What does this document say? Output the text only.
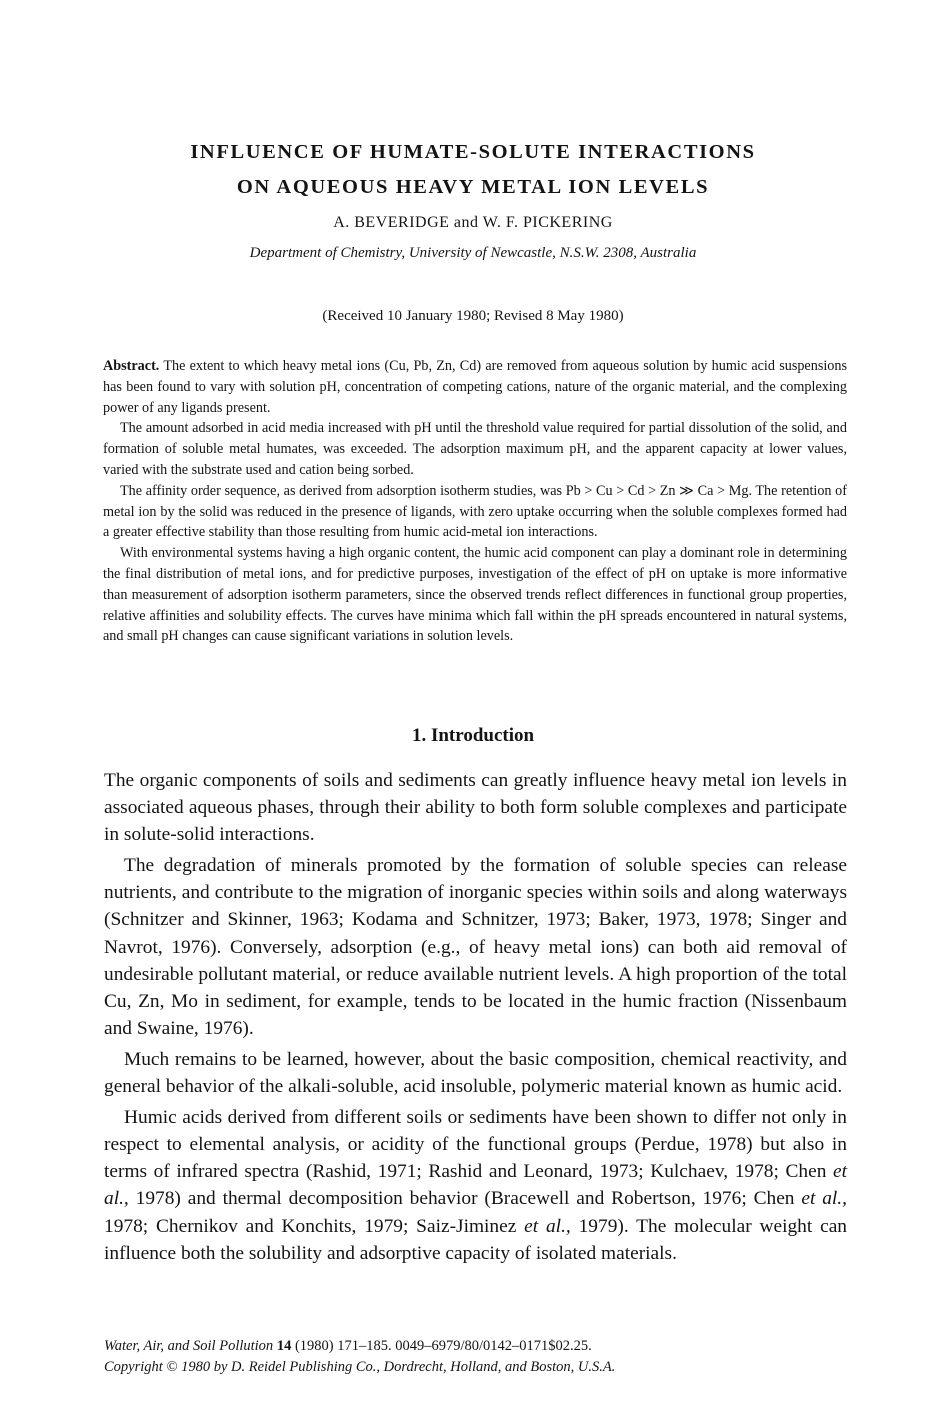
INFLUENCE OF HUMATE-SOLUTE INTERACTIONS
ON AQUEOUS HEAVY METAL ION LEVELS
A. BEVERIDGE and W. F. PICKERING
Department of Chemistry, University of Newcastle, N.S.W. 2308, Australia
(Received 10 January 1980; Revised 8 May 1980)

Abstract. The extent to which heavy metal ions (Cu, Pb, Zn, Cd) are removed from aqueous solution by humic acid suspensions has been found to vary with solution pH, concentration of competing cations, nature of the organic material, and the complexing power of any ligands present.

The amount adsorbed in acid media increased with pH until the threshold value required for partial dissolution of the solid, and formation of soluble metal humates, was exceeded. The adsorption maximum pH, and the apparent capacity at lower values, varied with the substrate used and cation being sorbed.

The affinity order sequence, as derived from adsorption isotherm studies, was Pb > Cu > Cd > Zn ≫ Ca > Mg. The retention of metal ion by the solid was reduced in the presence of ligands, with zero uptake occurring when the soluble complexes formed had a greater effective stability than those resulting from humic acid-metal ion interactions.

With environmental systems having a high organic content, the humic acid component can play a dominant role in determining the final distribution of metal ions, and for predictive purposes, investigation of the effect of pH on uptake is more informative than measurement of adsorption isotherm parameters, since the observed trends reflect differences in functional group properties, relative affinities and solubility effects. The curves have minima which fall within the pH spreads encountered in natural systems, and small pH changes can cause significant variations in solution levels.

1. Introduction

The organic components of soils and sediments can greatly influence heavy metal ion levels in associated aqueous phases, through their ability to both form soluble complexes and participate in solute-solid interactions.

The degradation of minerals promoted by the formation of soluble species can release nutrients, and contribute to the migration of inorganic species within soils and along waterways (Schnitzer and Skinner, 1963; Kodama and Schnitzer, 1973; Baker, 1973, 1978; Singer and Navrot, 1976). Conversely, adsorption (e.g., of heavy metal ions) can both aid removal of undesirable pollutant material, or reduce available nutrient levels. A high proportion of the total Cu, Zn, Mo in sediment, for example, tends to be located in the humic fraction (Nissenbaum and Swaine, 1976).

Much remains to be learned, however, about the basic composition, chemical reactivity, and general behavior of the alkali-soluble, acid insoluble, polymeric material known as humic acid.

Humic acids derived from different soils or sediments have been shown to differ not only in respect to elemental analysis, or acidity of the functional groups (Perdue, 1978) but also in terms of infrared spectra (Rashid, 1971; Rashid and Leonard, 1973; Kulchaev, 1978; Chen et al., 1978) and thermal decomposition behavior (Bracewell and Robertson, 1976; Chen et al., 1978; Chernikov and Konchits, 1979; Saiz-Jiminez et al., 1979). The molecular weight can influence both the solubility and adsorptive capacity of isolated materials.

Water, Air, and Soil Pollution 14 (1980) 171–185. 0049–6979/80/0142–0171$02.25.
Copyright © 1980 by D. Reidel Publishing Co., Dordrecht, Holland, and Boston, U.S.A.
